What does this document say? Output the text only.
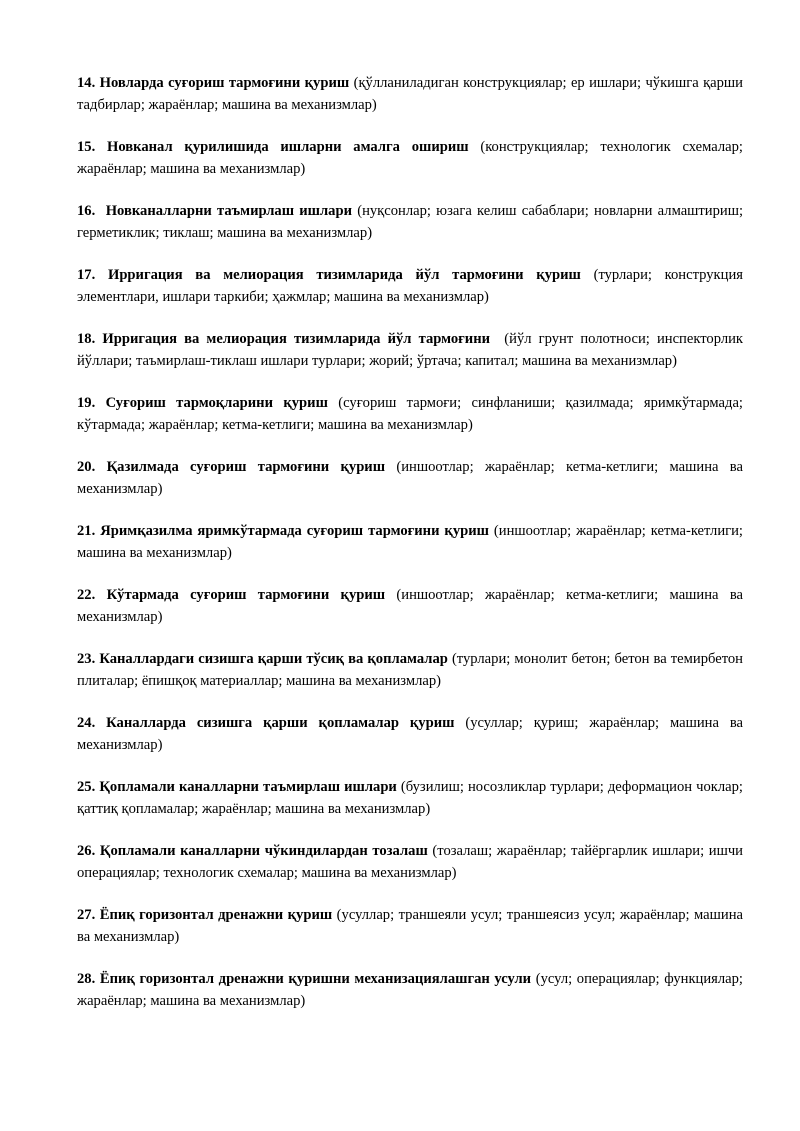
14. Новларда суғориш тармоғини қуриш (қўлланиладиган конструкциялар; ер ишлари; чўкишга қарши тадбирлар; жараёнлар; машина ва механизмлар)

15. Новканал қурилишида ишларни амалга ошириш (конструкциялар; технологик схемалар; жараёнлар; машина ва механизмлар)

16. Новканалларни таъмирлаш ишлари (нуқсонлар; юзага келиш сабаблари; новларни алмаштириш; герметиклик; тиклаш; машина ва механизмлар)

17. Ирригация ва мелиорация тизимларида йўл тармоғини қуриш (турлари; конструкция элементлари, ишлари таркиби; ҳажмлар; машина ва механизмлар)

18. Ирригация ва мелиорация тизимларида йўл тармоғини (йўл грунт полотноси; инспекторлик йўллари; таъмирлаш-тиклаш ишлари турлари; жорий; ўртача; капитал; машина ва механизмлар)

19. Суғориш тармоқларини қуриш (суғориш тармоғи; синфланиши; қазилмада; яримкўтармада; кўтармада; жараёнлар; кетма-кетлиги; машина ва механизмлар)

20. Қазилмада суғориш тармоғини қуриш (иншоотлар; жараёнлар; кетма-кетлиги; машина ва механизмлар)

21. Яримқазилма яримкўтармада суғориш тармоғини қуриш (иншоотлар; жараёнлар; кетма-кетлиги; машина ва механизмлар)

22. Кўтармада суғориш тармоғини қуриш (иншоотлар; жараёнлар; кетма-кетлиги; машина ва механизмлар)

23. Каналлардаги сизишга қарши тўсиқ ва қопламалар (турлари; монолит бетон; бетон ва темирбетон плиталар; ёпишқоқ материаллар; машина ва механизмлар)

24. Каналларда сизишга қарши қопламалар қуриш (усуллар; қуриш; жараёнлар; машина ва механизмлар)

25. Қопламали каналларни таъмирлаш ишлари (бузилиш; носозликлар турлари; деформацион чоклар; қаттиқ қопламалар; жараёнлар; машина ва механизмлар)

26. Қопламали каналларни чўкиндилардан тозалаш (тозалаш; жараёнлар; тайёргарлик ишлари; ишчи операциялар; технологик схемалар; машина ва механизмлар)

27. Ёпиқ горизонтал дренажни қуриш (усуллар; траншеяли усул; траншеясиз усул; жараёнлар; машина ва механизмлар)

28. Ёпиқ горизонтал дренажни қуришни механизациялашган усули (усул; операциялар; функциялар; жараёнлар; машина ва механизмлар)
